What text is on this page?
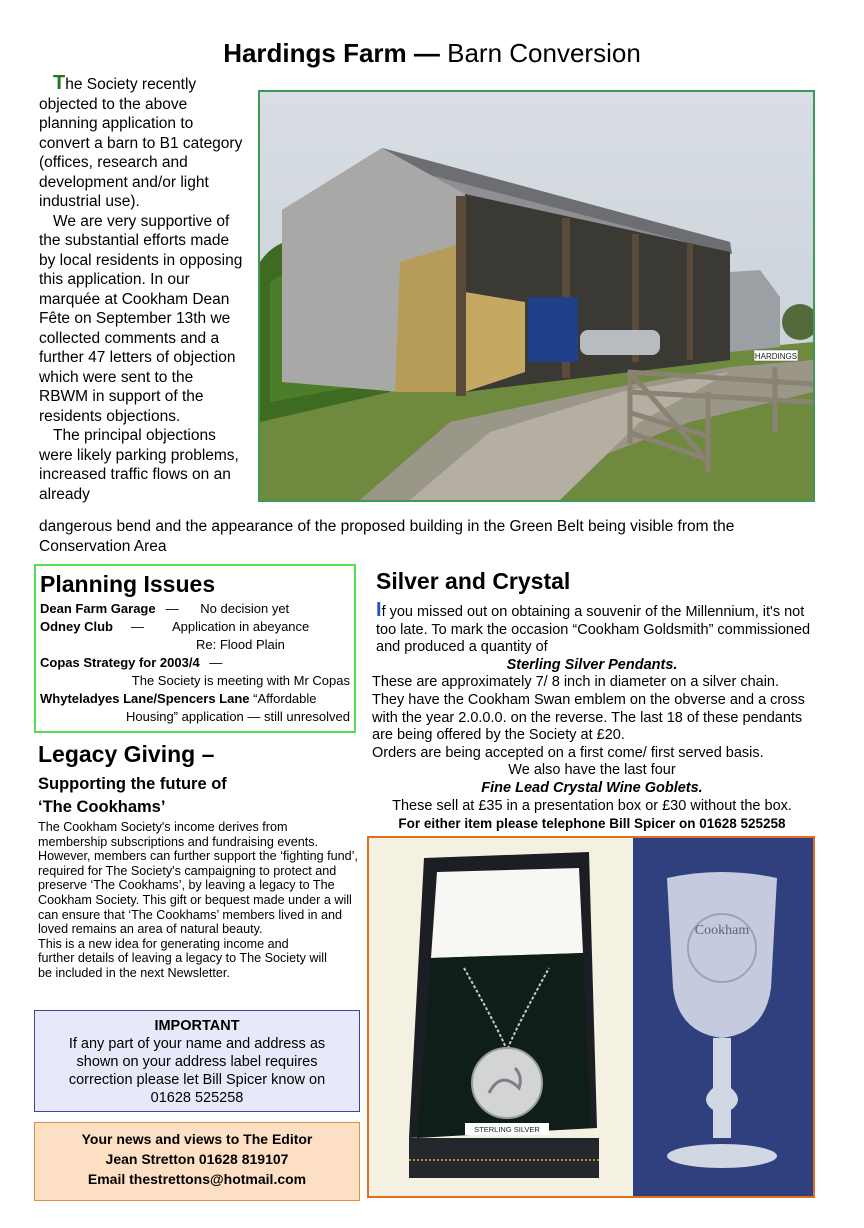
Hardings Farm — Barn Conversion

The Society recently objected to the above planning application to convert a barn to B1 category (offices, research and development and/or light industrial use).

We are very supportive of the substantial efforts made by local residents in opposing this application. In our marquée at Cookham Dean Fête on September 13th we collected comments and a further 47 letters of objection which were sent to the RBWM in support of the residents objections.

The principal objections were likely parking problems, increased traffic flows on an already

dangerous bend and the appearance of the proposed building in the Green Belt being visible from the Conservation Area
HARDINGS
Planning Issues
Dean Farm Garage —      No decision yet
Odney Club — Application in abeyance
Re: Flood Plain
Copas Strategy for 2003/4 —
The Society is meeting with Mr Copas
Whyteladyes Lane/Spencers Lane “Affordable
Housing” application — still unresolved
Legacy Giving –
Supporting the future of
‘The Cookhams’
The Cookham Society's income derives from membership subscriptions and fundraising events. However, members can further support the ‘fighting fund’, required for The Society's campaigning to protect and preserve ‘The Cookhams’, by leaving a legacy to The Cookham Society. This gift or bequest made under a will can ensure that ‘The Cookhams’ members lived in and loved remains an area of natural beauty.
This is a new idea for generating income and further details of leaving a legacy to The Society will be included in the next Newsletter.
IMPORTANT
If any part of your name and address as shown on your address label requires correction please let Bill Spicer know on 01628 525258
Your news and views to The Editor
Jean Stretton 01628 819107
Email thestrettons@hotmail.com
Silver and Crystal
If you missed out on obtaining a souvenir of the Millennium, it's not too late. To mark the occasion “Cookham Goldsmith” commissioned and produced a quantity of
Sterling Silver Pendants.
These are approximately 7/ 8 inch in diameter on a silver chain. They have the Cookham Swan emblem on the obverse and a cross with the year 2.0.0.0. on the reverse. The last 18 of these pendants are being offered by the Society at £20.
Orders are being accepted on a first come/ first served basis.
We also have the last four
Fine Lead Crystal Wine Goblets.
These sell at £35 in a presentation box or £30 without the box.
For either item please telephone Bill Spicer on 01628 525258
STERLING SILVER
Cookham
